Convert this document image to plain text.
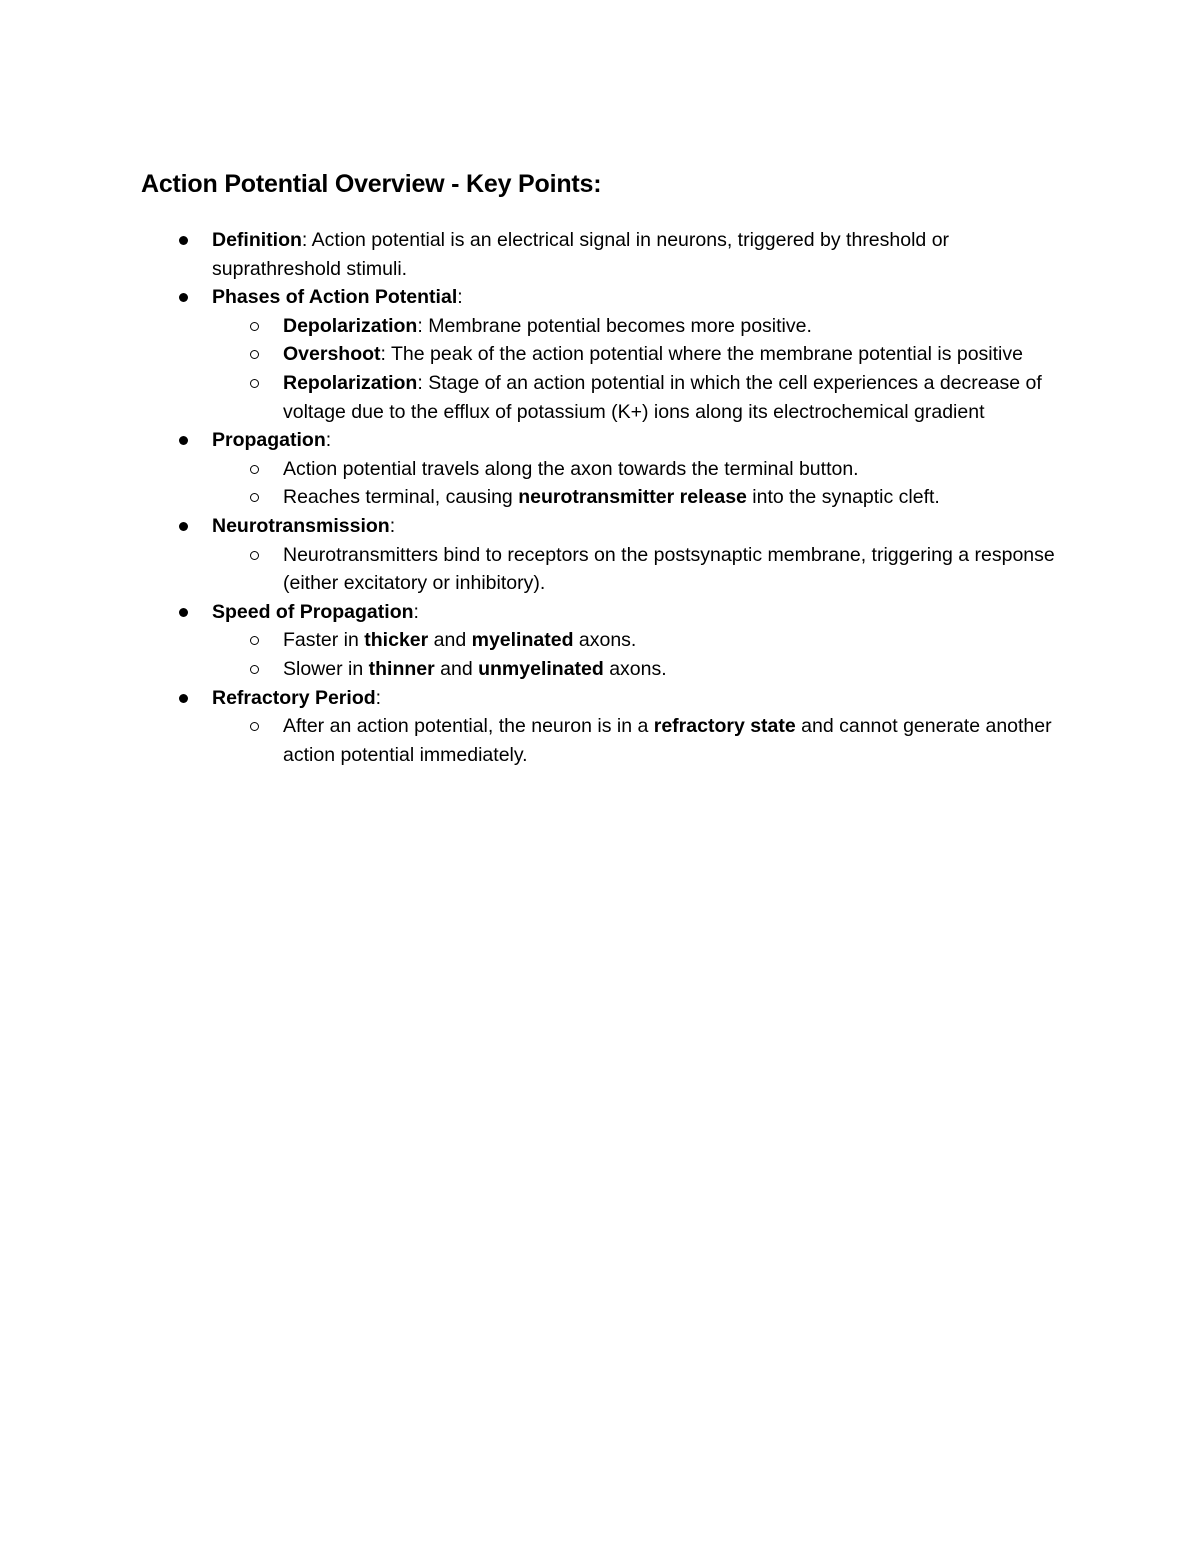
Action Potential Overview - Key Points:
Definition: Action potential is an electrical signal in neurons, triggered by threshold or suprathreshold stimuli.
Phases of Action Potential:
Depolarization: Membrane potential becomes more positive.
Overshoot: The peak of the action potential where the membrane potential is positive
Repolarization: Stage of an action potential in which the cell experiences a decrease of voltage due to the efflux of potassium (K+) ions along its electrochemical gradient
Propagation:
Action potential travels along the axon towards the terminal button.
Reaches terminal, causing neurotransmitter release into the synaptic cleft.
Neurotransmission:
Neurotransmitters bind to receptors on the postsynaptic membrane, triggering a response (either excitatory or inhibitory).
Speed of Propagation:
Faster in thicker and myelinated axons.
Slower in thinner and unmyelinated axons.
Refractory Period:
After an action potential, the neuron is in a refractory state and cannot generate another action potential immediately.
